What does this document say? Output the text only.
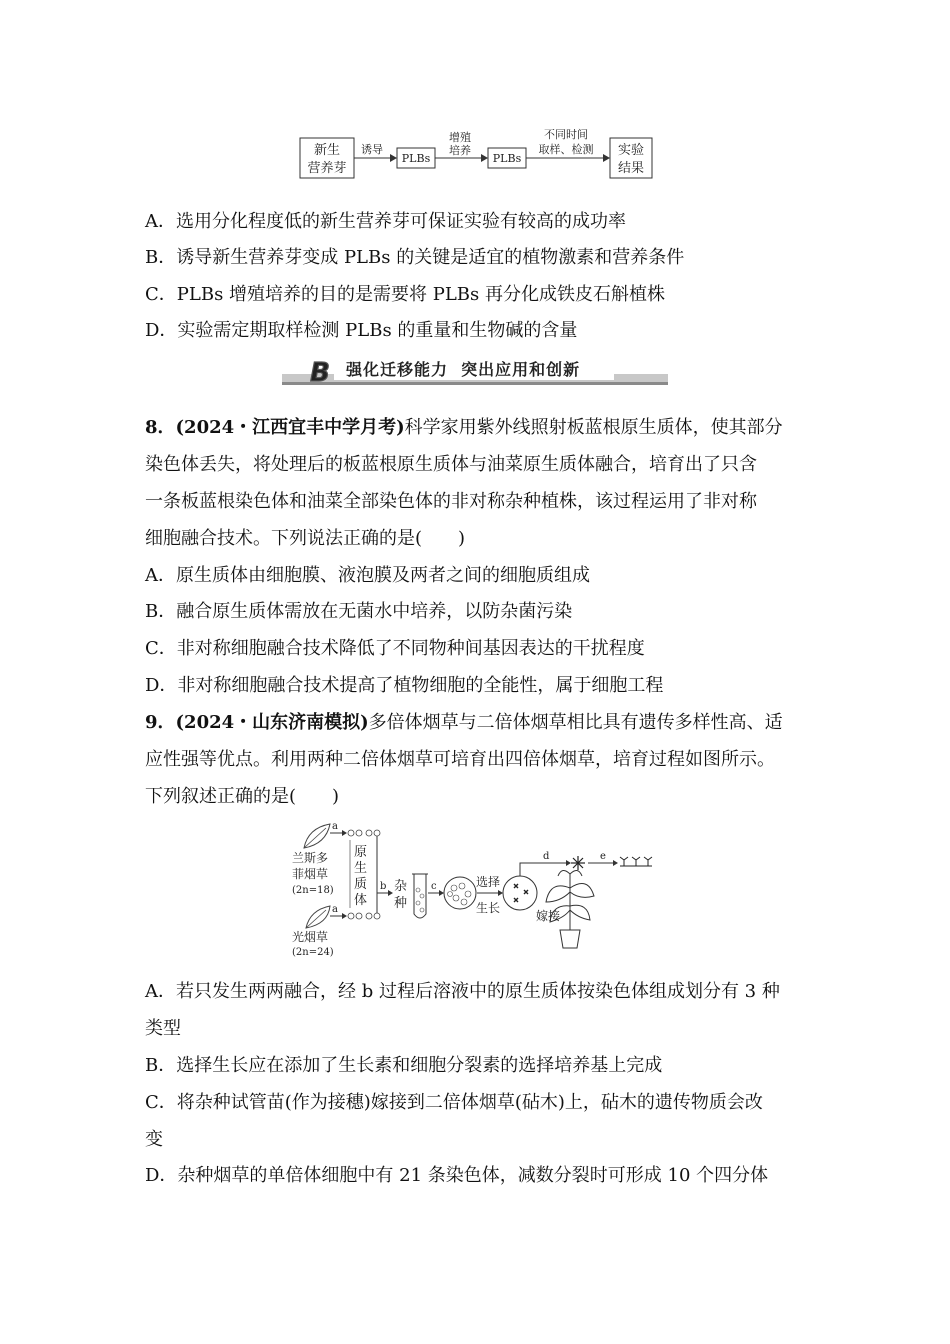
新生
营养芽
诱导
PLBs
增殖
培养
PLBs
不同时间
取样、检测 实验
结果
A．选用分化程度低的新生营养芽可保证实验有较高的成功率
B．诱导新生营养芽变成 PLBs 的关键是适宜的植物激素和营养条件
C．PLBs 增殖培养的目的是需要将 PLBs 再分化成铁皮石斛植株
D．实验需定期取样检测 PLBs 的重量和生物碱的含量
B 强化迁移能力  突出应用和创新
8．(2024・江西宜丰中学月考)科学家用紫外线照射板蓝根原生质体，使其部分
染色体丢失，将处理后的板蓝根原生质体与油菜原生质体融合，培育出了只含
一条板蓝根染色体和油菜全部染色体的非对称杂种植株，该过程运用了非对称
细胞融合技术。下列说法正确的是(　　)
A．原生质体由细胞膜、液泡膜及两者之间的细胞质组成
B．融合原生质体需放在无菌水中培养，以防杂菌污染
C．非对称细胞融合技术降低了不同物种间基因表达的干扰程度
D．非对称细胞融合技术提高了植物细胞的全能性，属于细胞工程
9．(2024・山东济南模拟)多倍体烟草与二倍体烟草相比具有遗传多样性高、适
应性强等优点。利用两种二倍体烟草可培育出四倍体烟草，培育过程如图所示。
下列叙述正确的是(　　)
兰斯多
菲烟草
(2n=18)
光烟草
(2n=24)
a
a
原
生
质
体
b 杂
种
c	选择
生长
d	e
嫁接
A．若只发生两两融合，经 b 过程后溶液中的原生质体按染色体组成划分有 3 种
类型
B．选择生长应在添加了生长素和细胞分裂素的选择培养基上完成
C．将杂种试管苗(作为接穗)嫁接到二倍体烟草(砧木)上，砧木的遗传物质会改
变
D．杂种烟草的单倍体细胞中有 21 条染色体，减数分裂时可形成 10 个四分体
